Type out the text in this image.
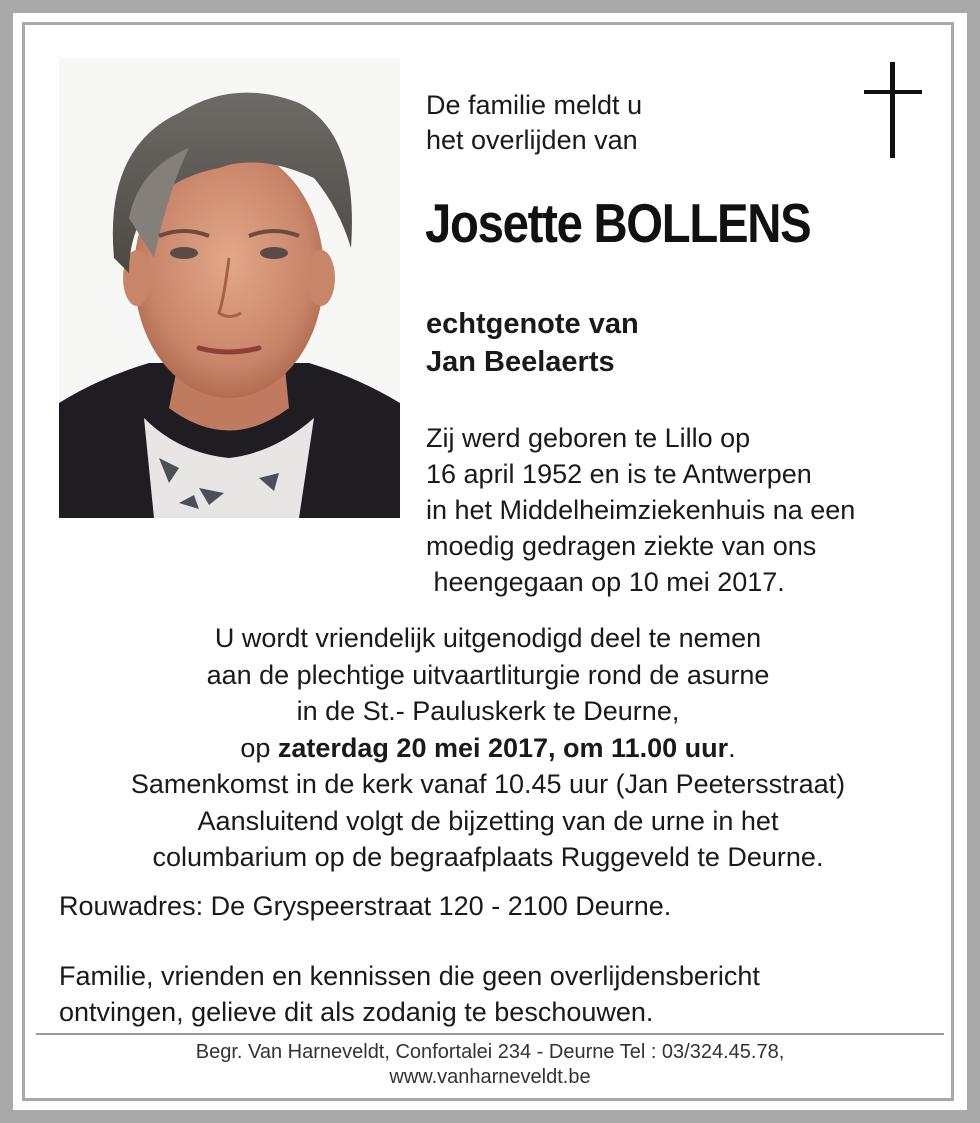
De familie meldt u
het overlijden van
Josette BOLLENS
echtgenote van
Jan Beelaerts
Zij werd geboren te Lillo op
16 april 1952 en is te Antwerpen
in het Middelheimziekenhuis na een
moedig gedragen ziekte van ons
heengegaan op 10 mei 2017.
U wordt vriendelijk uitgenodigd deel te nemen
aan de plechtige uitvaartliturgie rond de asurne
in de St.- Pauluskerk te Deurne,
op zaterdag 20 mei 2017, om 11.00 uur.
Samenkomst in de kerk vanaf 10.45 uur (Jan Peetersstraat)
Aansluitend volgt de bijzetting van de urne in het
columbarium op de begraafplaats Ruggeveld te Deurne.
Rouwadres: De Gryspeerstraat 120 - 2100 Deurne.
Familie, vrienden en kennissen die geen overlijdensbericht
ontvingen, gelieve dit als zodanig te beschouwen.
Begr. Van Harneveldt, Confortalei 234 - Deurne Tel : 03/324.45.78,
www.vanharneveldt.be
